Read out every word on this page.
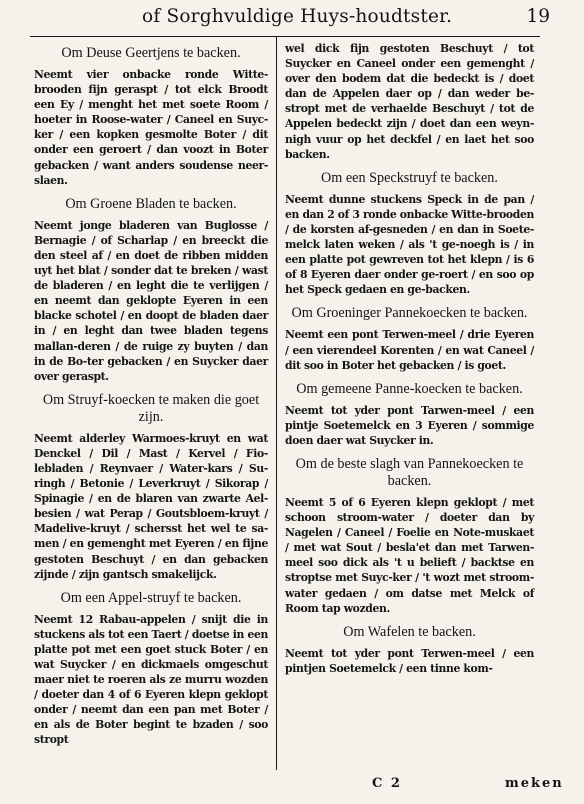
of Sorghvuldige Huys-houdtster.	19
Om Deuse Geertjens te backen.
Neemt vier onbacke ronde Witte-brooden fijn geraspt / tot elck Broodt een Ey / menght het met soete Room / hoeter in Roose-water / Caneel en Suyc-ker / een kopken gesmolte Boter / dit onder een geroert / dan voozt in Boter gebacken / want anders soudense neer-slaen.
Om Groene Bladen te backen.
Neemt jonge bladeren van Buglosse / Bernagie / of Scharlap / en breeckt die den steel af / en doet de ribben midden uyt het blat / sonder dat te breken / wast de bladeren / en leght die te verlijgen / en neemt dan geklopte Eyeren in een blacke schotel / en doopt de bladen daer in / en leght dan twee bladen tegens mallan-deren / de ruige zy buyten / dan in de Bo-ter gebacken / en Suycker daer over geraspt.
Om Struyf-koecken te maken die goet zijn.
Neemt alderley Warmoes-kruyt en wat Denckel / Dil / Mast / Kervel / Fio-lebladen / Reynvaer / Water-kars / Su-ringh / Betonie / Leverkruyt / Sikorap / Spinagie / en de blaren van zwarte Ael-besien / wat Perap / Goutsbloem-kruyt / Madelive-kruyt / schersst het wel te sa-men / en gemenght met Eyeren / en fijne gestoten Beschuyt / en dan gebacken zijnde / zijn gantsch smakelijck.
Om een Appel-struyf te backen.
Neemt 12 Rabau-appelen / snijt die in stuckens als tot een Taert / doetse in een platte pot met een goet stuck Boter / en wat Suycker / en dickmaels omgeschut maer niet te roeren als ze murru wozden / doeter dan 4 of 6 Eyeren klepn geklopt onder / neemt dan een pan met Boter / en als de Boter begint te bzaden / soo stropt
wel dick fijn gestoten Beschuyt / tot Suycker en Caneel onder een gemenght / over den bodem dat die bedeckt is / doet dan de Appelen daer op / dan weder be-stropt met de verhaelde Beschuyt / tot de Appelen bedeckt zijn / doet dan een weyn-nigh vuur op het deckfel / en laet het soo backen.
Om een Speckstruyf te backen.
Neemt dunne stuckens Speck in de pan / en dan 2 of 3 ronde onbacke Witte-brooden / de korsten af-gesneden / en dan in Soete-melck laten weken / als 't ge-noegh is / in een platte pot gewreven tot het klepn / is 6 of 8 Eyeren daer onder ge-roert / en soo op het Speck gedaen en ge-backen.
Om Groeninger Pannekoecken te backen.
Neemt een pont Terwen-meel / drie Eyeren / een vierendeel Korenten / en wat Caneel / dit soo in Boter het gebacken / is goet.
Om gemeene Panne-koecken te backen.
Neemt tot yder pont Tarwen-meel / een pintje Soetemelck en 3 Eyeren / sommige doen daer wat Suycker in.
Om de beste slagh van Pannekoecken te backen.
Neemt 5 of 6 Eyeren klepn geklopt / met schoon stroom-water / doeter dan by Nagelen / Caneel / Foelie en Note-muskaet / met wat Sout / besla'et dan met Tarwen-meel soo dick als 't u belieft / backtse en stroptse met Suyc-ker / 't wozt met stroom-water gedaen / om datse met Melck of Room tap wozden.
Om Wafelen te backen.
Neemt tot yder pont Terwen-meel / een pintjen Soetemelck / een tinne kom-
C 2	meken
